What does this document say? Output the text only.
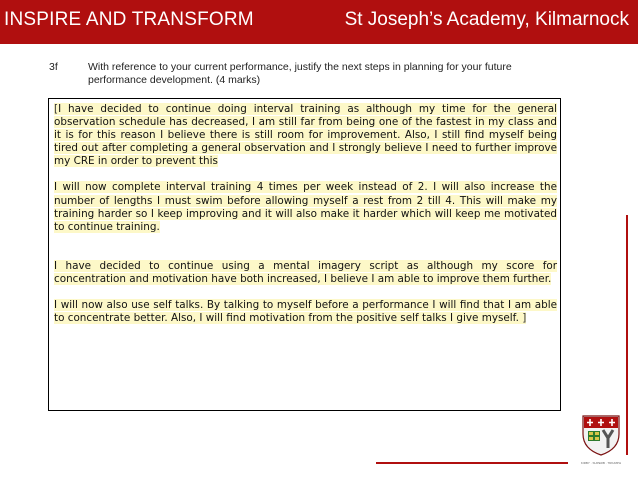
INSPIRE AND TRANSFORM	St Joseph’s Academy, Kilmarnock
3f	With reference to your current performance, justify the next steps in planning for your future performance development. (4 marks)

[I have decided to continue doing interval training as although my time for the general observation schedule has decreased, I am still far from being one of the fastest in my class and it is for this reason I believe there is still room for improvement. Also, I still find myself being tired out after completing a general observation and I strongly believe I need to further improve my CRE in order to prevent this

I will now complete interval training 4 times per week instead of 2. I will also increase the number of lengths I must swim before allowing myself a rest from 2 till 4. This will make my training harder so I keep improving and it will also make it harder which will keep me motivated to continue training.

I have decided to continue using a mental imagery script as although my score for concentration and motivation have both increased, I believe I am able to improve them further.

I will now also use self talks. By talking to myself before a performance I will find that I am able to concentrate better. Also, I will find motivation from the positive self talks I give myself. ]

KIRBY · SUPERB · TRIUMPH
